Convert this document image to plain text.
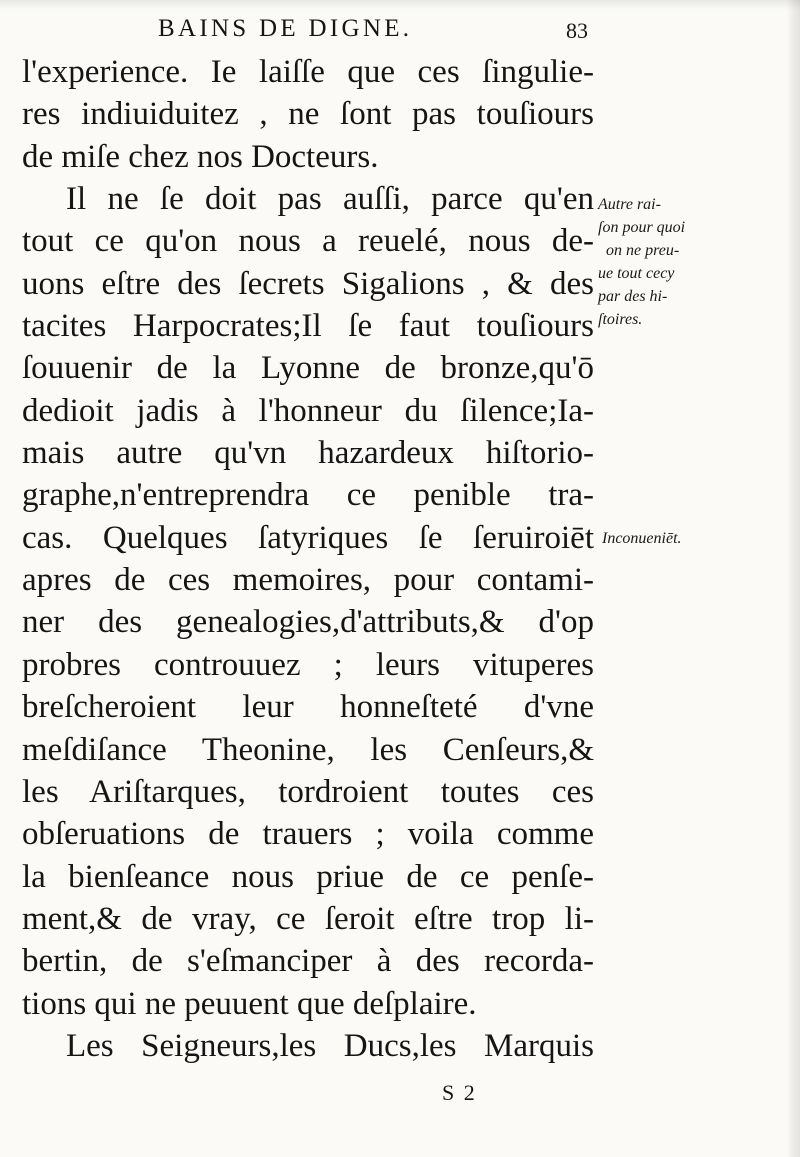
BAINS DE DIGNE.	83
l'experience. Ie laiſſe que ces ſingulie-
res indiuiduitez , ne ſont pas touſiours
de miſe chez nos Docteurs.
Il ne ſe doit pas auſſi, parce qu'en
tout ce qu'on nous a reuelé, nous de-
uons eſtre des ſecrets Sigalions , & des
tacites Harpocrates;Il ſe faut touſiours
ſouuenir de la Lyonne de bronze,qu'ō
dedioit jadis à l'honneur du ſilence;Ia-
mais autre qu'vn hazardeux hiſtorio-
graphe,n'entreprendra ce penible tra-
cas. Quelques ſatyriques ſe ſeruiroiēt
apres de ces memoires, pour contami-
ner des genealogies,d'attributs,& d'op
probres controuuez ; leurs vituperes
breſcheroient leur honneſteté d'vne
meſdiſance Theonine, les Cenſeurs,&
les Ariſtarques, tordroient toutes ces
obſeruations de trauers ; voila comme
la bienſeance nous priue de ce penſe-
ment,& de vray, ce ſeroit eſtre trop li-
bertin, de s'eſmanciper à des recorda-
tions qui ne peuuent que deſplaire.
Les Seigneurs,les Ducs,les Marquis
Autre rai-
ſon pour quoi
on ne preu-
ue tout cecy
par des hi-
ſtoires.
Inconueniēt.
S 2
